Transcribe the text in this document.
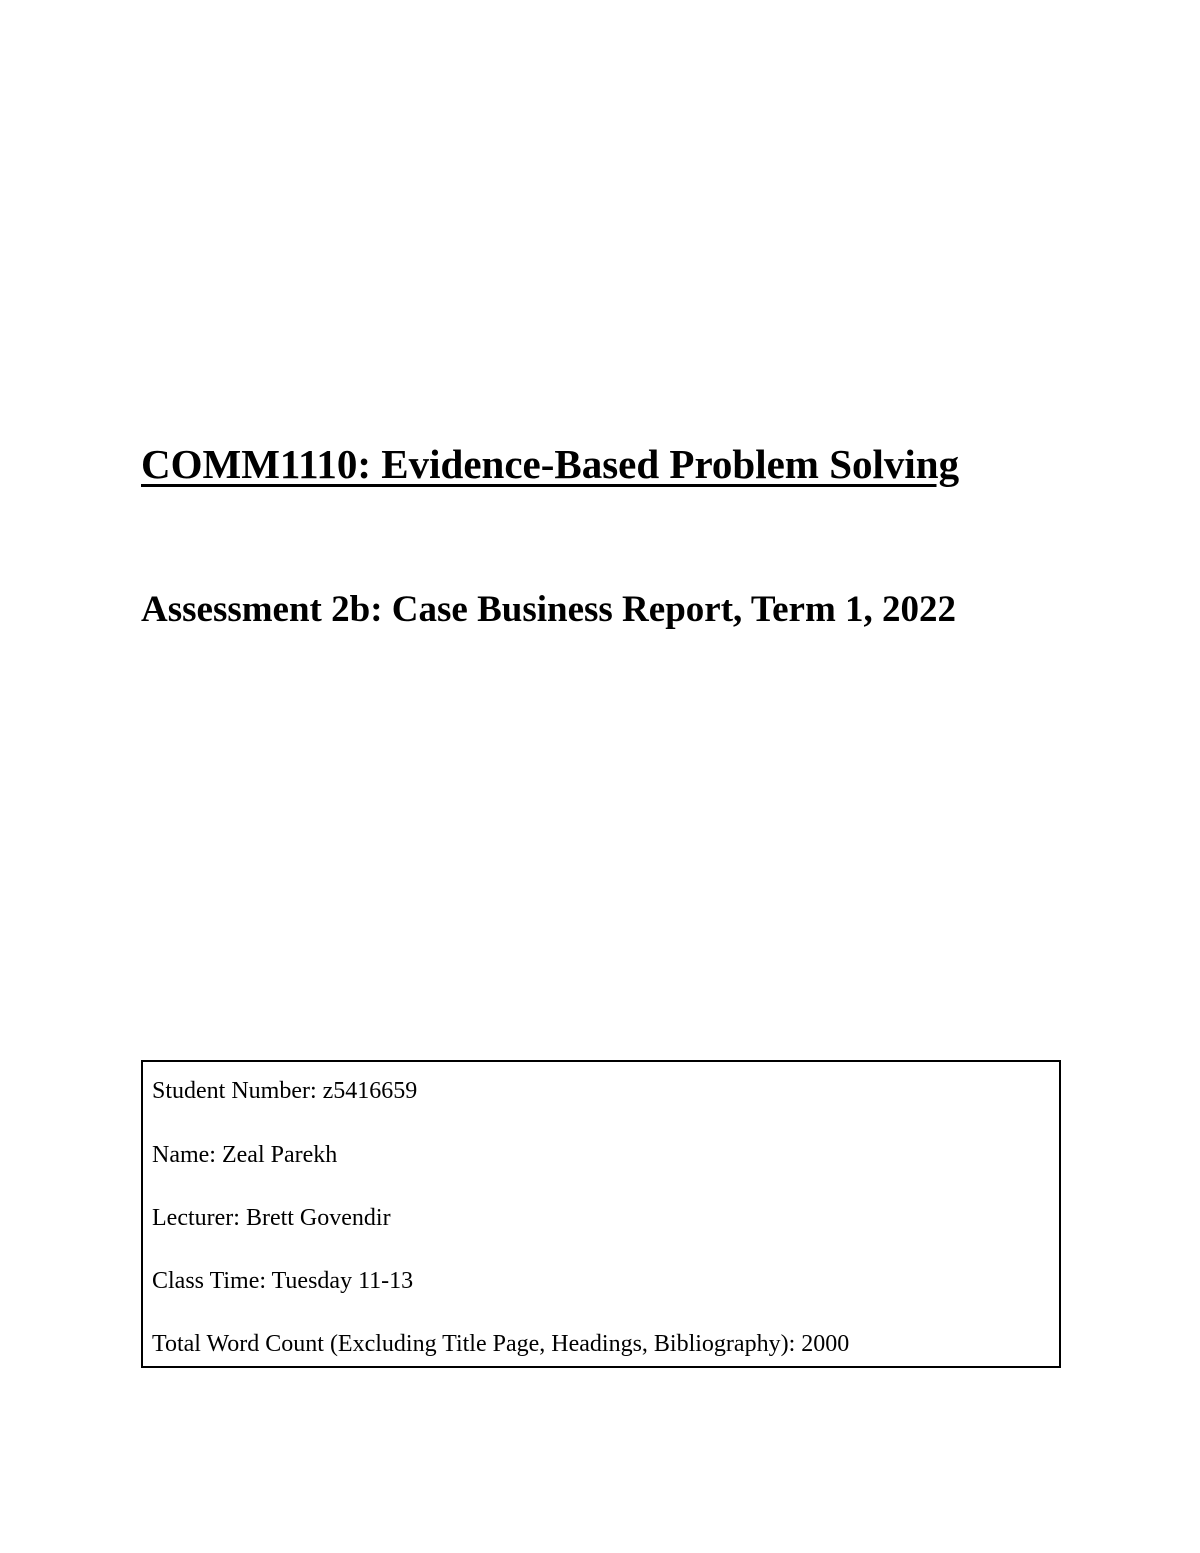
COMM1110: Evidence-Based Problem Solving
Assessment 2b: Case Business Report, Term 1, 2022

Student Number: z5416659

Name: Zeal Parekh

Lecturer: Brett Govendir

Class Time: Tuesday 11-13

Total Word Count (Excluding Title Page, Headings, Bibliography): 2000
